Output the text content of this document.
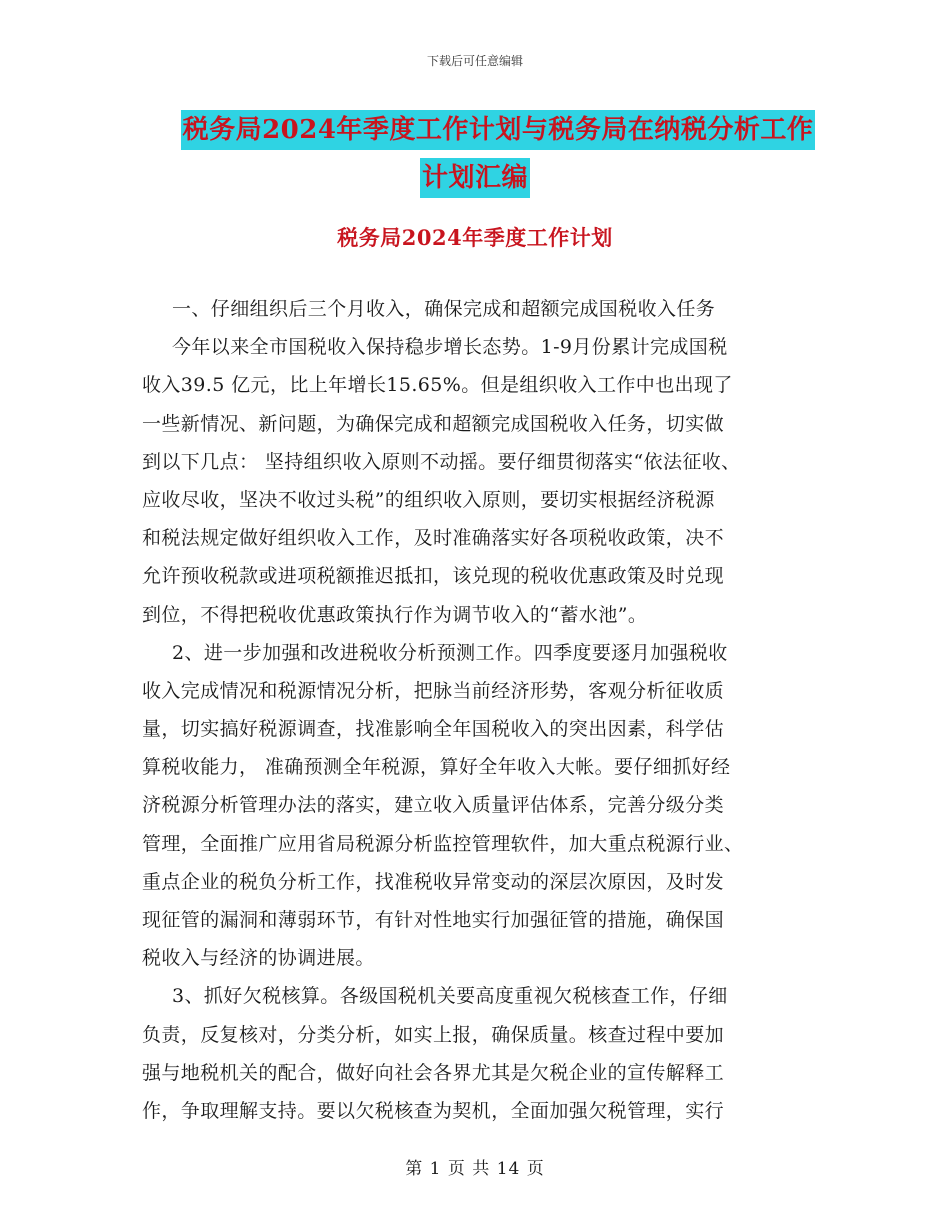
下载后可任意编辑
税务局2024年季度工作计划与税务局在纳税分析工作
计划汇编
税务局2024年季度工作计划
一、仔细组织后三个月收入，确保完成和超额完成国税收入任务
今年以来全市国税收入保持稳步增长态势。1-9月份累计完成国税
收入39.5 亿元，比上年增长15.65%。但是组织收入工作中也出现了
一些新情况、新问题，为确保完成和超额完成国税收入任务，切实做
到以下几点： 坚持组织收入原则不动摇。要仔细贯彻落实“依法征收、
应收尽收，坚决不收过头税”的组织收入原则，要切实根据经济税源
和税法规定做好组织收入工作，及时准确落实好各项税收政策，决不
允许预收税款或进项税额推迟抵扣，该兑现的税收优惠政策及时兑现
到位，不得把税收优惠政策执行作为调节收入的“蓄水池”。
2、进一步加强和改进税收分析预测工作。四季度要逐月加强税收
收入完成情况和税源情况分析，把脉当前经济形势，客观分析征收质
量，切实搞好税源调查，找准影响全年国税收入的突出因素，科学估
算税收能力， 准确预测全年税源，算好全年收入大帐。要仔细抓好经
济税源分析管理办法的落实，建立收入质量评估体系，完善分级分类
管理，全面推广应用省局税源分析监控管理软件，加大重点税源行业、
重点企业的税负分析工作，找准税收异常变动的深层次原因，及时发
现征管的漏洞和薄弱环节，有针对性地实行加强征管的措施，确保国
税收入与经济的协调进展。
3、抓好欠税核算。各级国税机关要高度重视欠税核查工作，仔细
负责，反复核对，分类分析，如实上报，确保质量。核查过程中要加
强与地税机关的配合，做好向社会各界尤其是欠税企业的宣传解释工
作，争取理解支持。要以欠税核查为契机，全面加强欠税管理，实行
第 1 页 共 14 页
